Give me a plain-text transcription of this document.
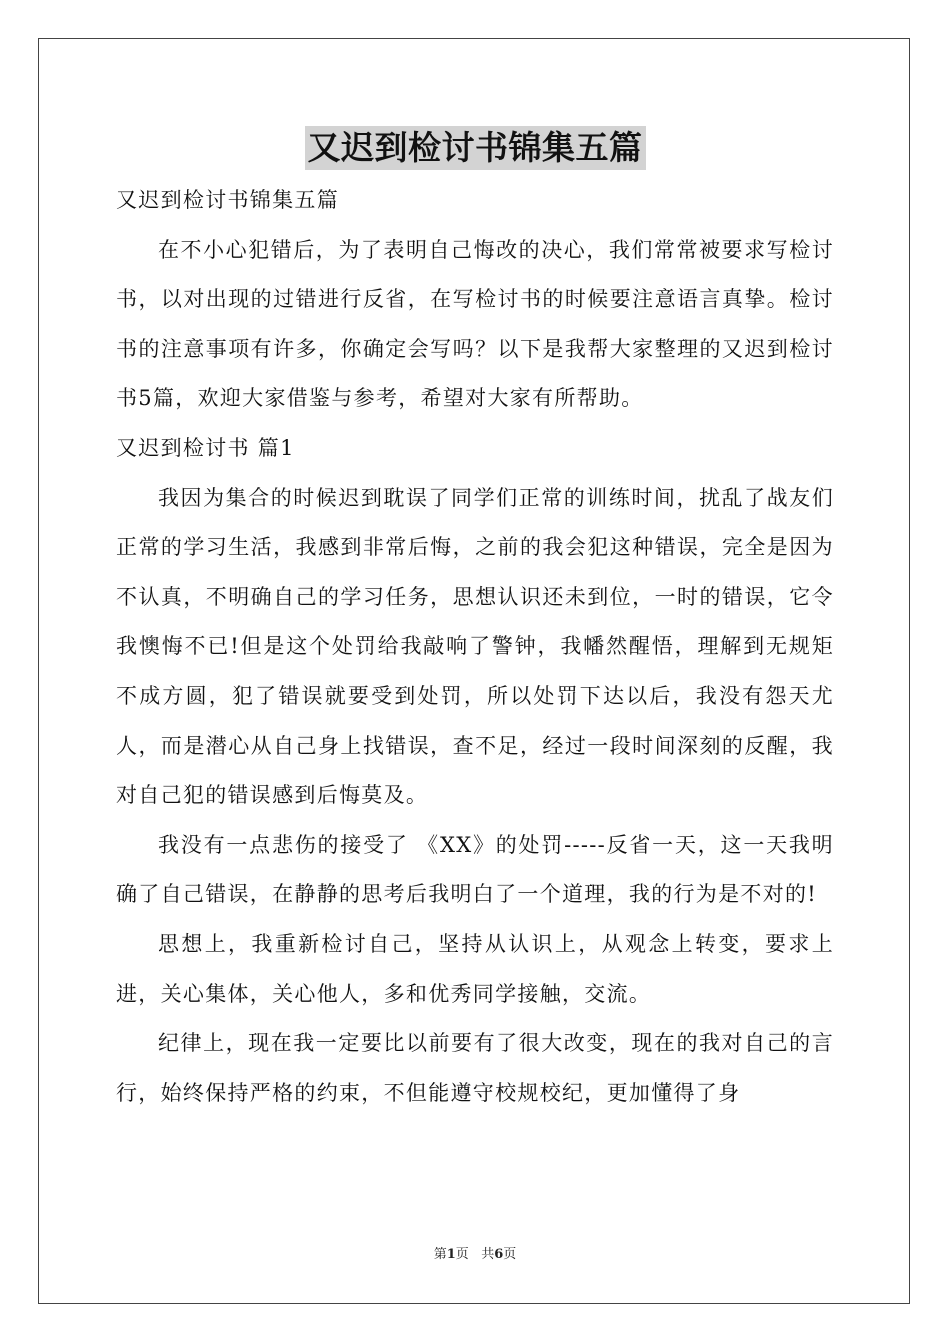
又迟到检讨书锦集五篇

又迟到检讨书锦集五篇

在不小心犯错后，为了表明自己悔改的决心，我们常常被要求写检讨书，以对出现的过错进行反省，在写检讨书的时候要注意语言真挚。检讨书的注意事项有许多，你确定会写吗？以下是我帮大家整理的又迟到检讨书5篇，欢迎大家借鉴与参考，希望对大家有所帮助。

又迟到检讨书 篇1

我因为集合的时候迟到耽误了同学们正常的训练时间，扰乱了战友们正常的学习生活，我感到非常后悔，之前的我会犯这种错误，完全是因为不认真，不明确自己的学习任务，思想认识还未到位，一时的错误，它令我懊悔不已!但是这个处罚给我敲响了警钟，我幡然醒悟，理解到无规矩不成方圆，犯了错误就要受到处罚，所以处罚下达以后，我没有怨天尤人，而是潜心从自己身上找错误，查不足，经过一段时间深刻的反醒，我对自己犯的错误感到后悔莫及。

我没有一点悲伤的接受了 《XX》的处罚-----反省一天，这一天我明确了自己错误，在静静的思考后我明白了一个道理，我的行为是不对的!

思想上，我重新检讨自己，坚持从认识上，从观念上转变，要求上进，关心集体，关心他人，多和优秀同学接触，交流。

纪律上，现在我一定要比以前要有了很大改变，现在的我对自己的言行，始终保持严格的约束，不但能遵守校规校纪，更加懂得了身

第1页 共6页
